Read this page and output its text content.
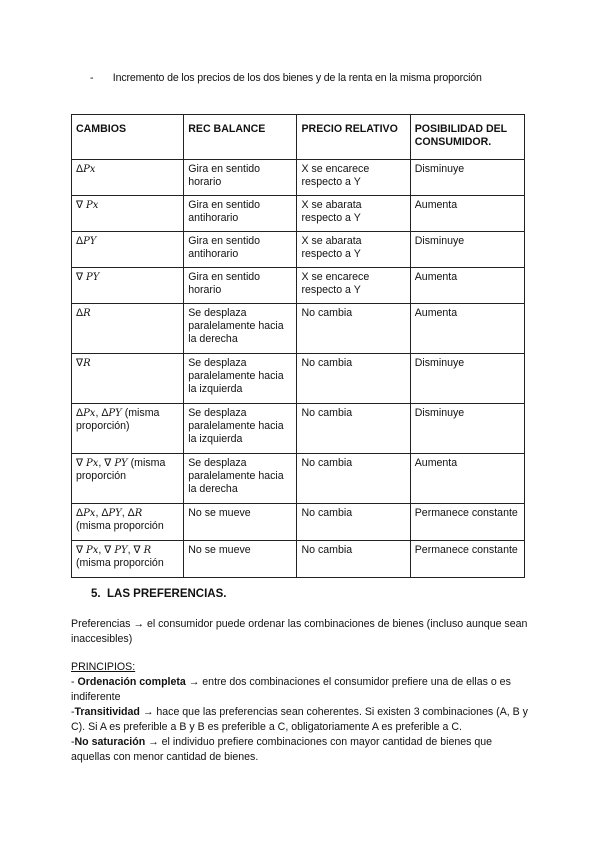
- Incremento de los precios de los dos bienes y de la renta en la misma proporción
CAMBIOS	REC BALANCE	PRECIO RELATIVO	POSIBILIDAD DEL CONSUMIDOR.
ΔPx	Gira en sentido horario	X se encarece respecto a Y	Disminuye
∇ Px	Gira en sentido antihorario	X se abarata respecto a Y	Aumenta
ΔPY	Gira en sentido antihorario	X se abarata respecto a Y	Disminuye
∇ PY	Gira en sentido horario	X se encarece respecto a Y	Aumenta
ΔR	Se desplaza paralelamente hacia la derecha	No cambia	Aumenta
∇R	Se desplaza paralelamente hacia la izquierda	No cambia	Disminuye
ΔPx, ΔPY (misma proporción)	Se desplaza paralelamente hacia la izquierda	No cambia	Disminuye
∇ Px, ∇ PY (misma proporción	Se desplaza paralelamente hacia la derecha	No cambia	Aumenta
ΔPx, ΔPY, ΔR (misma proporción	No se mueve	No cambia	Permanece constante
∇ Px, ∇ PY, ∇ R (misma proporción	No se mueve	No cambia	Permanece constante
5. LAS PREFERENCIAS.
Preferencias → el consumidor puede ordenar las combinaciones de bienes (incluso aunque sean inaccesibles)
PRINCIPIOS:
- Ordenación completa → entre dos combinaciones el consumidor prefiere una de ellas o es indiferente
-Transitividad → hace que las preferencias sean coherentes. Si existen 3 combinaciones (A, B y C). Si A es preferible a B y B es preferible a C, obligatoriamente A es preferible a C.
-No saturación → el individuo prefiere combinaciones con mayor cantidad de bienes que aquellas con menor cantidad de bienes.
